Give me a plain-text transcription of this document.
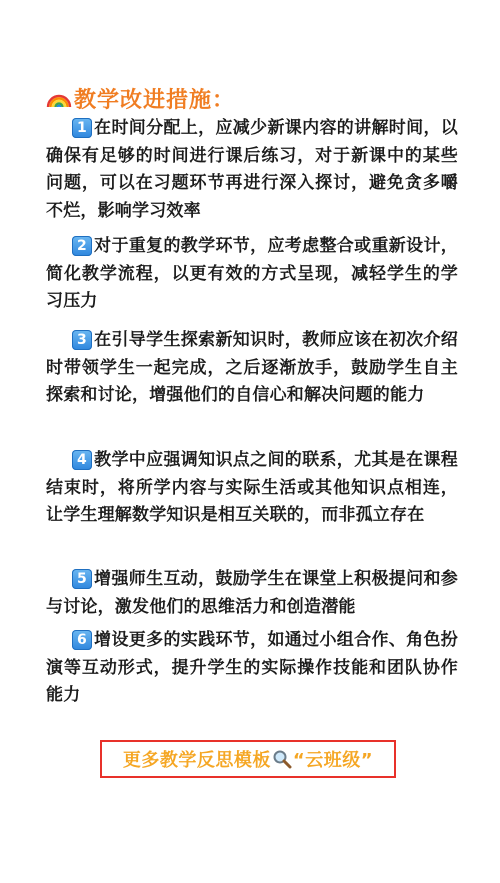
教学改进措施：

1 在时间分配上，应减少新课内容的讲解时间，以确保有足够的时间进行课后练习，对于新课中的某些问题，可以在习题环节再进行深入探讨，避免贪多嚼不烂，影响学习效率

2 对于重复的教学环节，应考虑整合或重新设计，简化教学流程，以更有效的方式呈现，减轻学生的学习压力

3 在引导学生探索新知识时，教师应该在初次介绍时带领学生一起完成，之后逐渐放手，鼓励学生自主探索和讨论，增强他们的自信心和解决问题的能力

4 教学中应强调知识点之间的联系，尤其是在课程结束时，将所学内容与实际生活或其他知识点相连，让学生理解数学知识是相互关联的，而非孤立存在

5 增强师生互动，鼓励学生在课堂上积极提问和参与讨论，激发他们的思维活力和创造潜能

6 增设更多的实践环节，如通过小组合作、角色扮演等互动形式，提升学生的实际操作技能和团队协作能力

更多教学反思模板 “云班级”
